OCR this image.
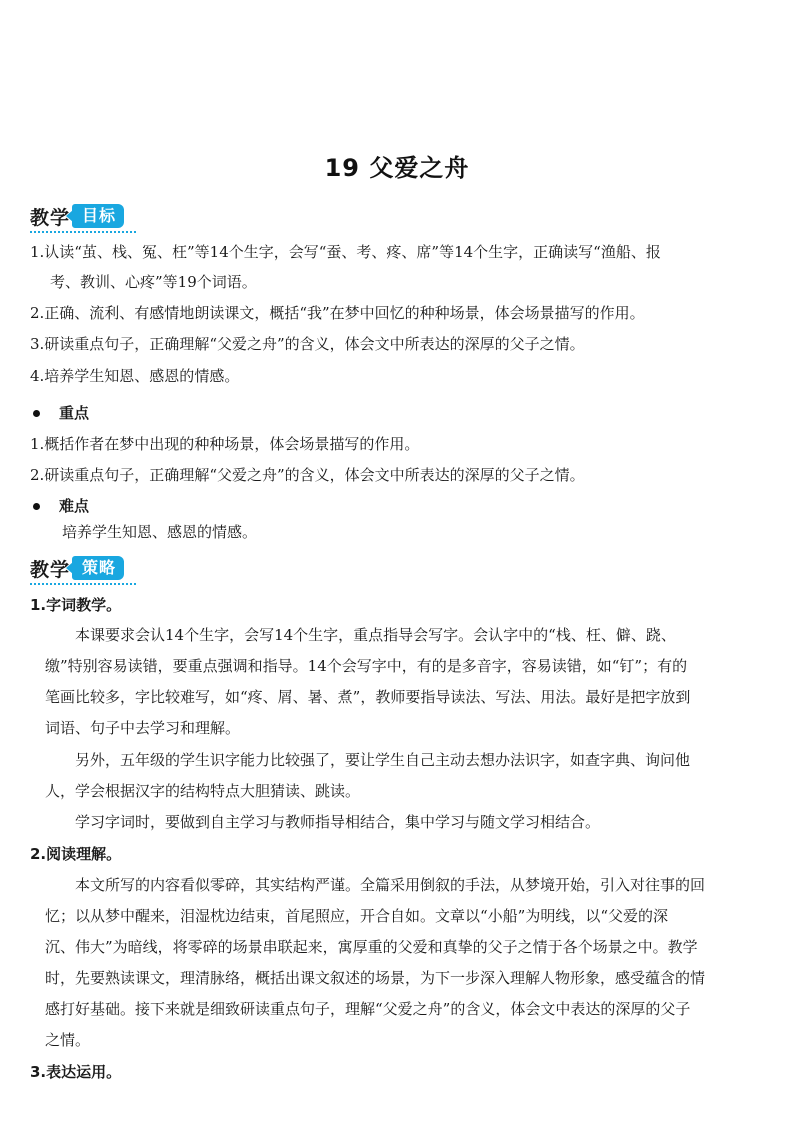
19 父爱之舟
教学 目标
1.认读“茧、栈、冤、枉”等14个生字，会写“蚕、考、疼、席”等14个生字，正确读写“渔船、报
考、教训、心疼”等19个词语。
2.正确、流利、有感情地朗读课文，概括“我”在梦中回忆的种种场景，体会场景描写的作用。
3.研读重点句子，正确理解“父爱之舟”的含义，体会文中所表达的深厚的父子之情。
4.培养学生知恩、感恩的情感。
重点
1.概括作者在梦中出现的种种场景，体会场景描写的作用。
2.研读重点句子，正确理解“父爱之舟”的含义，体会文中所表达的深厚的父子之情。
难点
培养学生知恩、感恩的情感。
教学 策略
1.字词教学。
本课要求会认14个生字，会写14个生字，重点指导会写字。会认字中的“栈、枉、僻、跷、
缴”特别容易读错，要重点强调和指导。14个会写字中，有的是多音字，容易读错，如“钉”；有的
笔画比较多，字比较难写，如“疼、屑、暑、煮”，教师要指导读法、写法、用法。最好是把字放到
词语、句子中去学习和理解。
另外，五年级的学生识字能力比较强了，要让学生自己主动去想办法识字，如查字典、询问他
人，学会根据汉字的结构特点大胆猜读、跳读。
学习字词时，要做到自主学习与教师指导相结合，集中学习与随文学习相结合。
2.阅读理解。
本文所写的内容看似零碎，其实结构严谨。全篇采用倒叙的手法，从梦境开始，引入对往事的回
忆；以从梦中醒来，泪湿枕边结束，首尾照应，开合自如。文章以“小船”为明线，以“父爱的深
沉、伟大”为暗线，将零碎的场景串联起来，寓厚重的父爱和真挚的父子之情于各个场景之中。教学
时，先要熟读课文，理清脉络，概括出课文叙述的场景，为下一步深入理解人物形象，感受蕴含的情
感打好基础。接下来就是细致研读重点句子，理解“父爱之舟”的含义，体会文中表达的深厚的父子
之情。
3.表达运用。
